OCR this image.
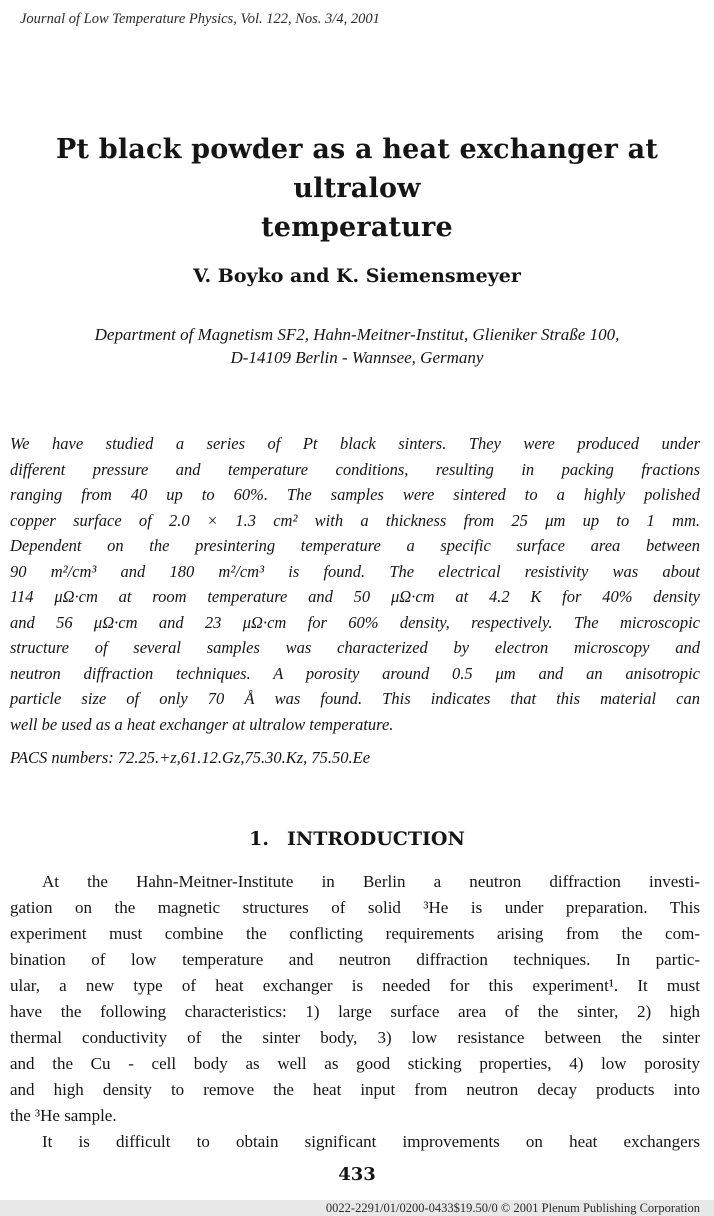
Journal of Low Temperature Physics, Vol. 122, Nos. 3/4, 2001
Pt black powder as a heat exchanger at ultralow
temperature
V. Boyko and K. Siemensmeyer
Department of Magnetism SF2, Hahn-Meitner-Institut, Glieniker Straße 100,
D-14109 Berlin - Wannsee, Germany
We have studied a series of Pt black sinters. They were produced under
different pressure and temperature conditions, resulting in packing fractions
ranging from 40 up to 60%. The samples were sintered to a highly polished
copper surface of 2.0 × 1.3 cm² with a thickness from 25 μm up to 1 mm.
Dependent on the presintering temperature a specific surface area between
90 m²/cm³ and 180 m²/cm³ is found. The electrical resistivity was about
114 μΩ·cm at room temperature and 50 μΩ·cm at 4.2 K for 40% density
and 56 μΩ·cm and 23 μΩ·cm for 60% density, respectively. The microscopic
structure of several samples was characterized by electron microscopy and
neutron diffraction techniques. A porosity around 0.5 μm and an anisotropic
particle size of only 70 Å was found. This indicates that this material can
well be used as a heat exchanger at ultralow temperature.
PACS numbers: 72.25.+z,61.12.Gz,75.30.Kz, 75.50.Ee
1. INTRODUCTION
At the Hahn-Meitner-Institute in Berlin a neutron diffraction investi-
gation on the magnetic structures of solid ³He is under preparation. This
experiment must combine the conflicting requirements arising from the com-
bination of low temperature and neutron diffraction techniques. In partic-
ular, a new type of heat exchanger is needed for this experiment¹. It must
have the following characteristics: 1) large surface area of the sinter, 2) high
thermal conductivity of the sinter body, 3) low resistance between the sinter
and the Cu - cell body as well as good sticking properties, 4) low porosity
and high density to remove the heat input from neutron decay products into
the ³He sample.
It is difficult to obtain significant improvements on heat exchangers
433
0022-2291/01/0200-0433$19.50/0 © 2001 Plenum Publishing Corporation
